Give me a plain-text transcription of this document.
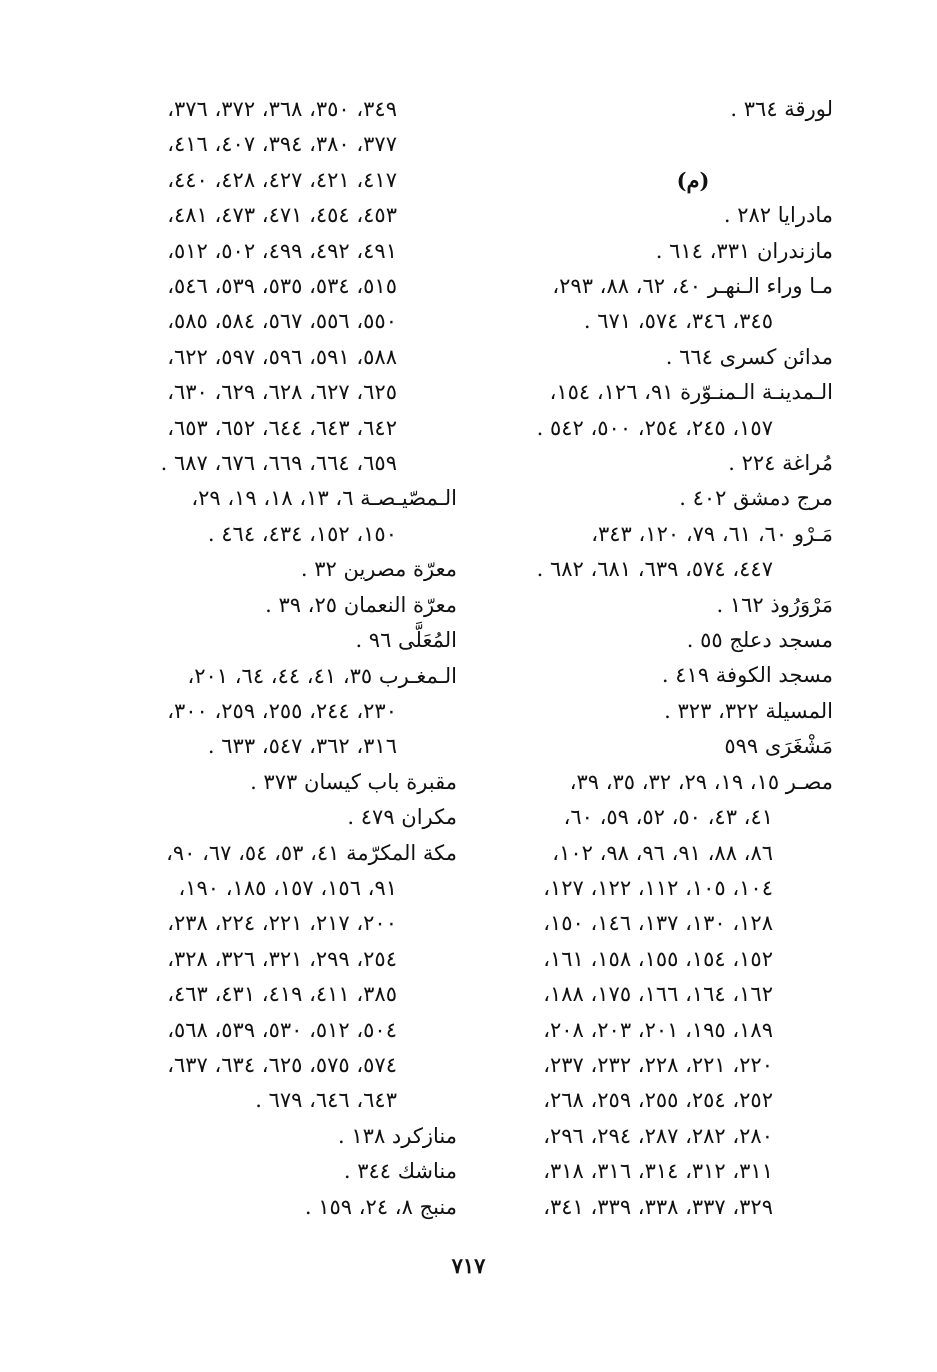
لورقة ٣٦٤ .
(م)
مادرايا ٢٨٢ .
مازندران ٣٣١، ٦١٤ .
مـا وراء الـنهـر ٤٠، ٦٢، ٨٨، ٢٩٣،
٣٤٥، ٣٤٦، ٥٧٤، ٦٧١ .
مدائن كسرى ٦٦٤ .
الـمدينـة الـمنـوّرة ٩١، ١٢٦، ١٥٤،
١٥٧، ٢٤٥، ٢٥٤، ٥٠٠، ٥٤٢ .
مُراغة ٢٢٤ .
مرج دمشق ٤٠٢ .
مَـرْو ٦٠، ٦١، ٧٩، ١٢٠، ٣٤٣،
٤٤٧، ٥٧٤، ٦٣٩، ٦٨١، ٦٨٢ .
مَرْوَرُوذ ١٦٢ .
مسجد دعلج ٥٥ .
مسجد الكوفة ٤١٩ .
المسيلة ٣٢٢، ٣٢٣ .
مَشْغَرَى ٥٩٩
مصـر ١٥، ١٩، ٢٩، ٣٢، ٣٥، ٣٩،
٤١، ٤٣، ٥٠، ٥٢، ٥٩، ٦٠،
٨٦، ٨٨، ٩١، ٩٦، ٩٨، ١٠٢،
١٠٤، ١٠٥، ١١٢، ١٢٢، ١٢٧،
١٢٨، ١٣٠، ١٣٧، ١٤٦، ١٥٠،
١٥٢، ١٥٤، ١٥٥، ١٥٨، ١٦١،
١٦٢، ١٦٤، ١٦٦، ١٧٥، ١٨٨،
١٨٩، ١٩٥، ٢٠١، ٢٠٣، ٢٠٨،
٢٢٠، ٢٢١، ٢٢٨، ٢٣٢، ٢٣٧،
٢٥٢، ٢٥٤، ٢٥٥، ٢٥٩، ٢٦٨،
٢٨٠، ٢٨٢، ٢٨٧، ٢٩٤، ٢٩٦،
٣١١، ٣١٢، ٣١٤، ٣١٦، ٣١٨،
٣٢٩، ٣٣٧، ٣٣٨، ٣٣٩، ٣٤١،
٣٤٩، ٣٥٠، ٣٦٨، ٣٧٢، ٣٧٦،
٣٧٧، ٣٨٠، ٣٩٤، ٤٠٧، ٤١٦،
٤١٧، ٤٢١، ٤٢٧، ٤٢٨، ٤٤٠،
٤٥٣، ٤٥٤، ٤٧١، ٤٧٣، ٤٨١،
٤٩١، ٤٩٢، ٤٩٩، ٥٠٢، ٥١٢،
٥١٥، ٥٣٤، ٥٣٥، ٥٣٩، ٥٤٦،
٥٥٠، ٥٥٦، ٥٦٧، ٥٨٤، ٥٨٥،
٥٨٨، ٥٩١، ٥٩٦، ٥٩٧، ٦٢٢،
٦٢٥، ٦٢٧، ٦٢٨، ٦٢٩، ٦٣٠،
٦٤٢، ٦٤٣، ٦٤٤، ٦٥٢، ٦٥٣،
٦٥٩، ٦٦٤، ٦٦٩، ٦٧٦، ٦٨٧ .
الـمصّيـصـة ٦، ١٣، ١٨، ١٩، ٢٩،
١٥٠، ١٥٢، ٤٣٤، ٤٦٤ .
معرّة مصرين ٣٢ .
معرّة النعمان ٢٥، ٣٩ .
المُعَلَّى ٩٦ .
الـمغـرب ٣٥، ٤١، ٤٤، ٦٤، ٢٠١،
٢٣٠، ٢٤٤، ٢٥٥، ٢٥٩، ٣٠٠،
٣١٦، ٣٦٢، ٥٤٧، ٦٣٣ .
مقبرة باب كيسان ٣٧٣ .
مكران ٤٧٩ .
مكة المكرّمة ٤١، ٥٣، ٥٤، ٦٧، ٩٠،
٩١، ١٥٦، ١٥٧، ١٨٥، ١٩٠،
٢٠٠، ٢١٧، ٢٢١، ٢٢٤، ٢٣٨،
٢٥٤، ٢٩٩، ٣٢١، ٣٢٦، ٣٢٨،
٣٨٥، ٤١١، ٤١٩، ٤٣١، ٤٦٣،
٥٠٤، ٥١٢، ٥٣٠، ٥٣٩، ٥٦٨،
٥٧٤، ٥٧٥، ٦٢٥، ٦٣٤، ٦٣٧،
٦٤٣، ٦٤٦، ٦٧٩ .
منازكرد ١٣٨ .
مناشك ٣٤٤ .
منبج ٨، ٢٤، ١٥٩ .
٧١٧
